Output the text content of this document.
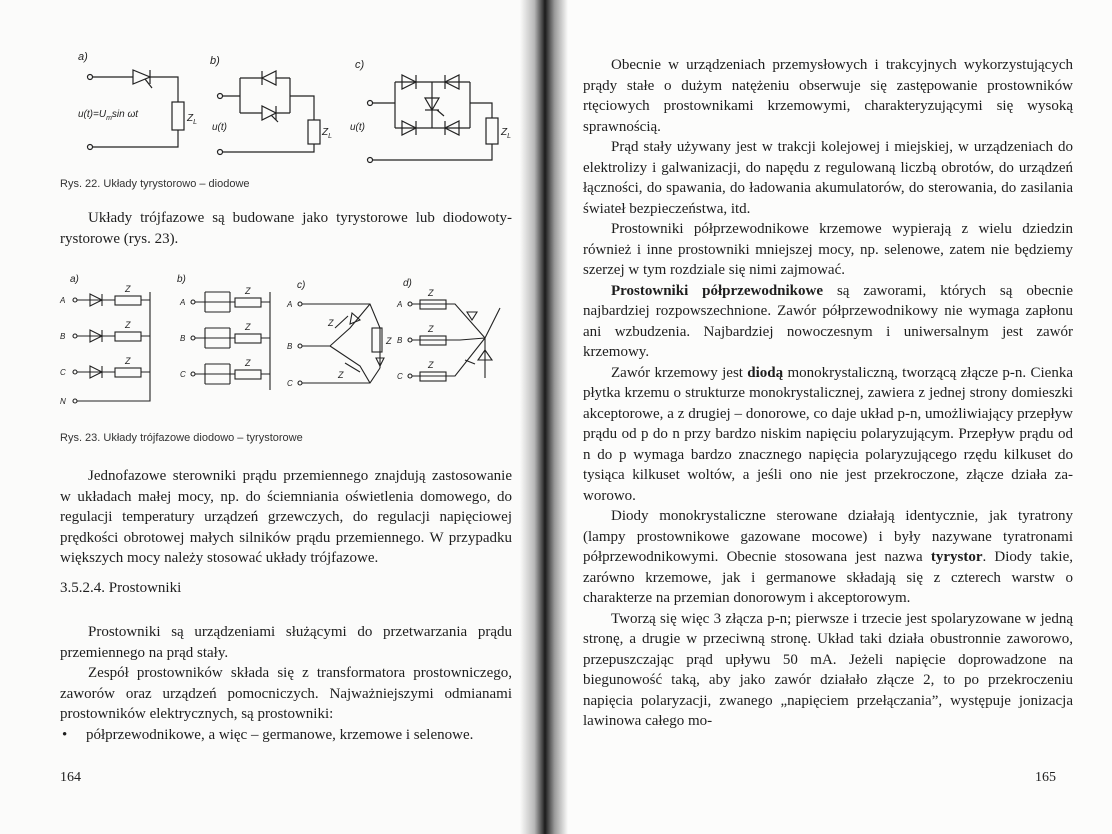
a)	b)	c)
$u(t)=U_m\sin$ ωt
u(t)	u(t)
$Z_L$
$Z_L$	$Z_L$
Rys. 22. Układy tyrystorowo – diodowe

Układy trójfazowe są budowane jako tyrystorowe lub diodowotyrystorowe (rys. 23).

a)	b)
c)	d)
A
B
C
N
A
B
C
A
B
C
A
B
C
Z
Z
Z
Z
Z
Z
Z
Z
Z
Z
Z
Z
Rys. 23. Układy trójfazowe diodowo – tyrystorowe

Jednofazowe sterowniki prądu przemiennego znajdują zastosowanie w układach małej mocy, np. do ściemniania oświetlenia domowego, do regulacji temperatury urządzeń grzewczych, do regulacji napięciowej prędkości obrotowej małych silników prądu przemiennego. W przypadku większych mocy należy stosować układy trójfazowe.

3.5.2.4. Prostowniki

Prostowniki są urządzeniami służącymi do przetwarzania prądu przemiennego na prąd stały.

Zespół prostowników składa się z transformatora prostowniczego, zaworów oraz urządzeń pomocniczych. Najważniejszymi odmianami prostowników elektrycznych, są prostowniki:

• półprzewodnikowe, a więc – germanowe, krzemowe i selenowe.

164

Obecnie w urządzeniach przemysłowych i trakcyjnych wykorzystujących prądy stałe o dużym natężeniu obserwuje się zastępowanie prostowników rtęciowych prostownikami krzemowymi, charakteryzującymi się wysoką sprawnością.

Prąd stały używany jest w trakcji kolejowej i miejskiej, w urządzeniach do elektrolizy i galwanizacji, do napędu z regulowaną liczbą obrotów, do urządzeń łączności, do spawania, do ładowania akumulatorów, do sterowania, do zasilania świateł bezpieczeństwa, itd.

Prostowniki półprzewodnikowe krzemowe wypierają z wielu dziedzin również i inne prostowniki mniejszej mocy, np. selenowe, zatem nie będziemy szerzej w tym rozdziale się nimi zajmować.

Prostowniki półprzewodnikowe są zaworami, których są obecnie najbardziej rozpowszechnione. Zawór półprzewodnikowy nie wymaga zapłonu ani wzbudzenia. Najbardziej nowoczesnym i uniwersalnym jest zawór krzemowy.

Zawór krzemowy jest diodą monokrystaliczną, tworzącą złącze p-n. Cienka płytka krzemu o strukturze monokrystalicznej, zawiera z jednej strony domieszki akceptorowe, a z drugiej – donorowe, co daje układ p-n, umożliwiający przepływ prądu od p do n przy bardzo niskim napięciu polaryzującym. Przepływ prądu od n do p wymaga bardzo znacznego napięcia polaryzującego rzędu kilkuset do tysiąca kilkuset woltów, a jeśli ono nie jest przekroczone, złącze działa zaworowo.

Diody monokrystaliczne sterowane działają identycznie, jak tyratrony (lampy prostownikowe gazowane mocowe) i były nazywane tyratronami półprzewodnikowymi. Obecnie stosowana jest nazwa tyrystor. Diody takie, zarówno krzemowe, jak i germanowe składają się z czterech warstw o charakterze na przemian donorowym i akceptorowym.

Tworzą się więc 3 złącza p-n; pierwsze i trzecie jest spolaryzowane w jedną stronę, a drugie w przeciwną stronę. Układ taki działa obustronnie zaworowo, przepuszczając prąd upływu 50 mA. Jeżeli napięcie doprowadzone na biegunowość taką, aby jako zawór działało złącze 2, to po przekroczeniu napięcia polaryzacji, zwanego „napięciem przełączania”, występuje jonizacja lawinowa całego mo-

165
